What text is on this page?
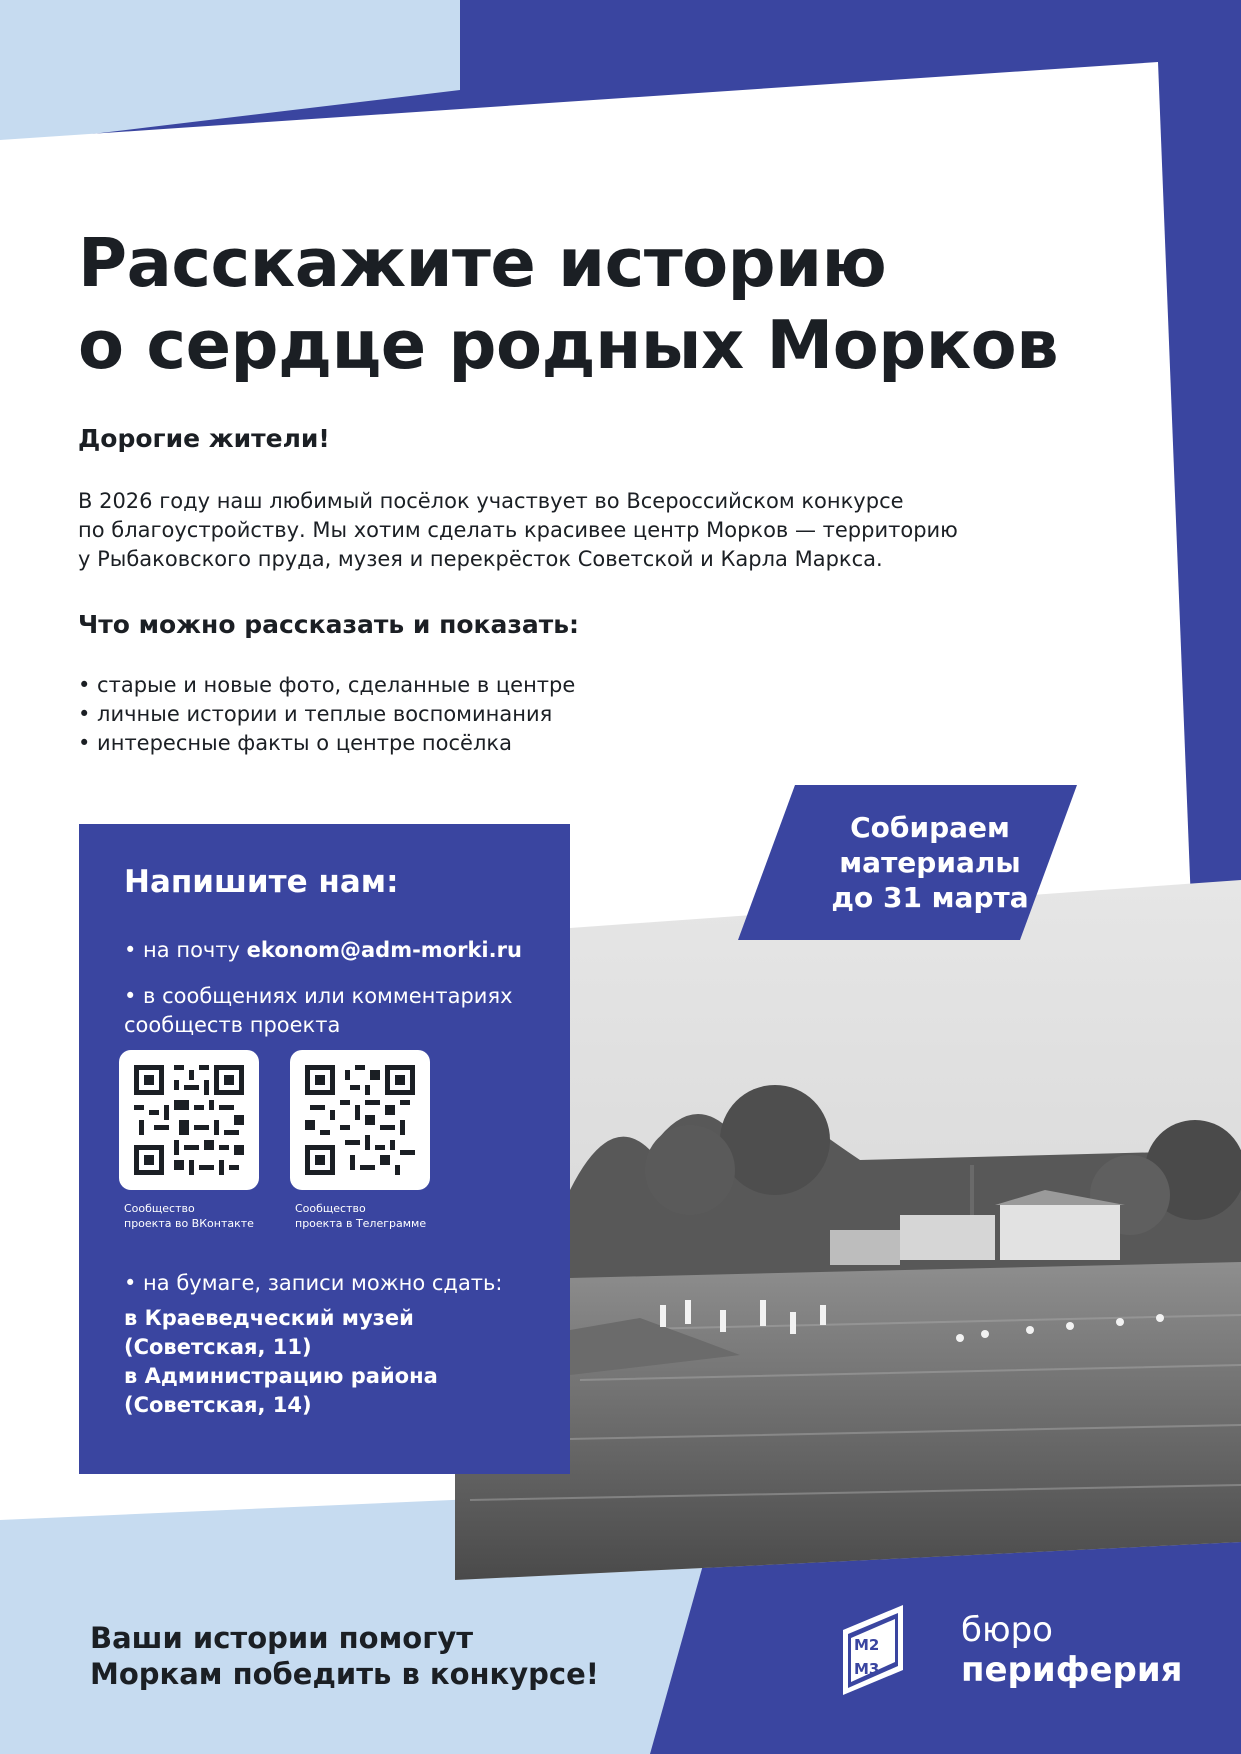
Расскажите историю
о сердце родных Морков

Дорогие жители!

В 2026 году наш любимый посёлок участвует во Всероссийском конкурсе
по благоустройству. Мы хотим сделать красивее центр Морков — территорию
у Рыбаковского пруда, музея и перекрёсток Советской и Карла Маркса.

Что можно рассказать и показать:
• старые и новые фото, сделанные в центре
• личные истории и теплые воспоминания
• интересные факты о центре посёлка
Собираем
материалы
до 31 марта
Напишите нам:
• на почту ekonom@adm-morki.ru
• в сообщениях или комментариях
сообществ проекта

Сообщество
проекта во ВКонтакте

Сообщество
проекта в Телеграмме

• на бумаге, записи можно сдать:

в Краеведческий музей
(Советская, 11)
в Администрацию района
(Советская, 14)

Ваши истории помогут
Моркам победить в конкурсе!

М2
М3
бюро
периферия
